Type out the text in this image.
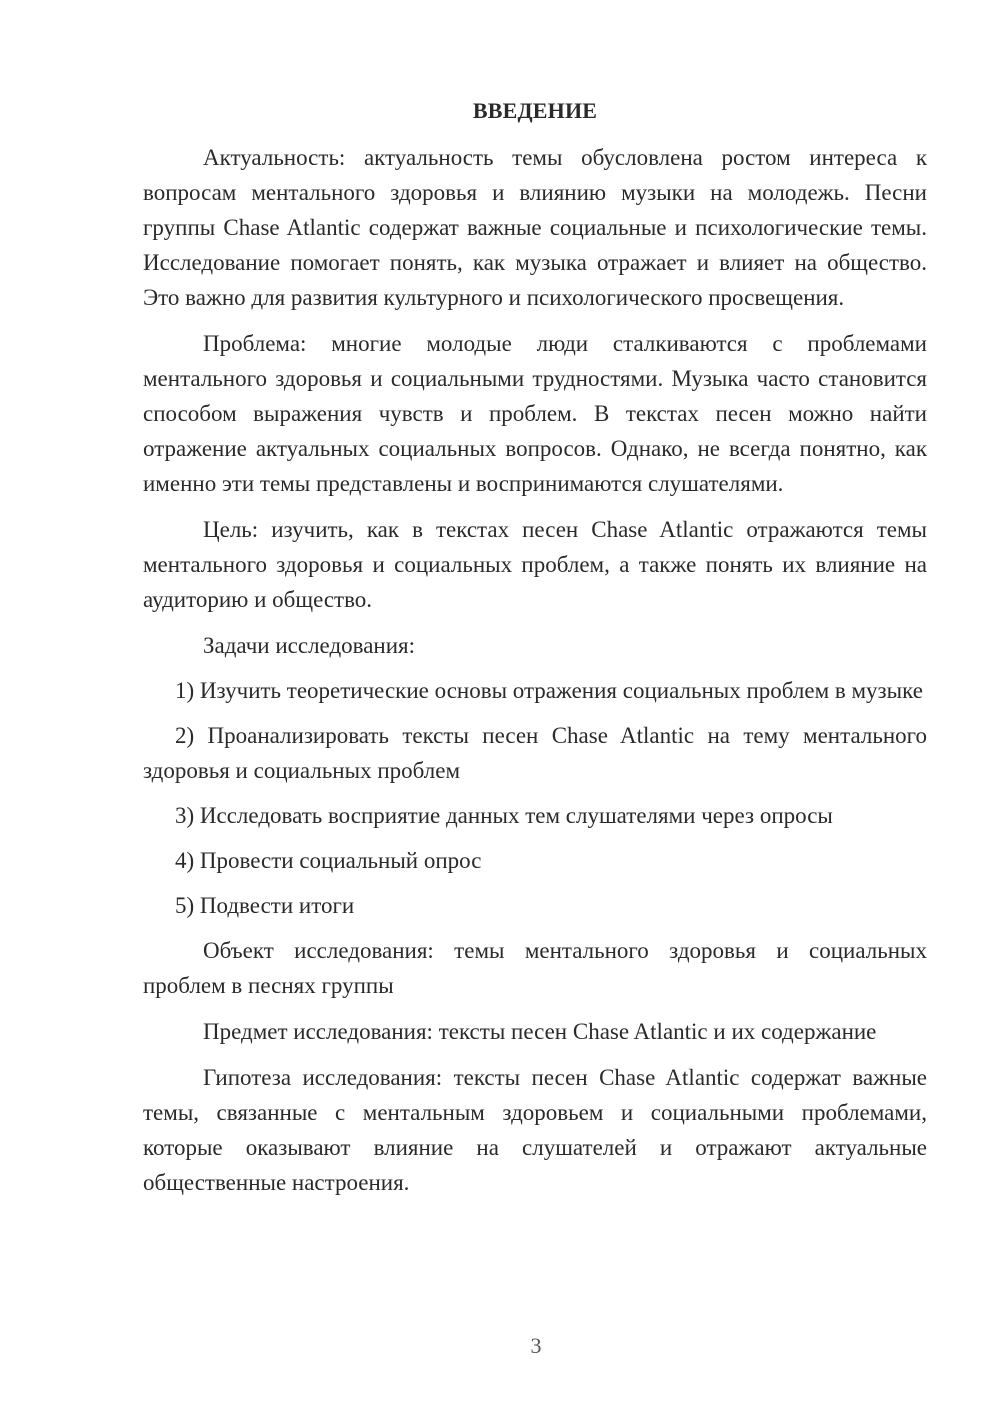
ВВЕДЕНИЕ

Актуальность: актуальность темы обусловлена ростом интереса к вопросам ментального здоровья и влиянию музыки на молодежь. Песни группы Chase Atlantic содержат важные социальные и психологические темы. Исследование помогает понять, как музыка отражает и влияет на общество. Это важно для развития культурного и психологического просвещения.

Проблема: многие молодые люди сталкиваются с проблемами ментального здоровья и социальными трудностями. Музыка часто становится способом выражения чувств и проблем. В текстах песен можно найти отражение актуальных социальных вопросов. Однако, не всегда понятно, как именно эти темы представлены и воспринимаются слушателями.

Цель: изучить, как в текстах песен Chase Atlantic отражаются темы ментального здоровья и социальных проблем, а также понять их влияние на аудиторию и общество.

Задачи исследования:

1) Изучить теоретические основы отражения социальных проблем в музыке

2) Проанализировать тексты песен Chase Atlantic на тему ментального здоровья и социальных проблем

3) Исследовать восприятие данных тем слушателями через опросы

4) Провести социальный опрос

5) Подвести итоги

Объект исследования: темы ментального здоровья и социальных проблем в песнях группы

Предмет исследования: тексты песен Chase Atlantic и их содержание

Гипотеза исследования: тексты песен Chase Atlantic содержат важные темы, связанные с ментальным здоровьем и социальными проблемами, которые оказывают влияние на слушателей и отражают актуальные общественные настроения.

3
